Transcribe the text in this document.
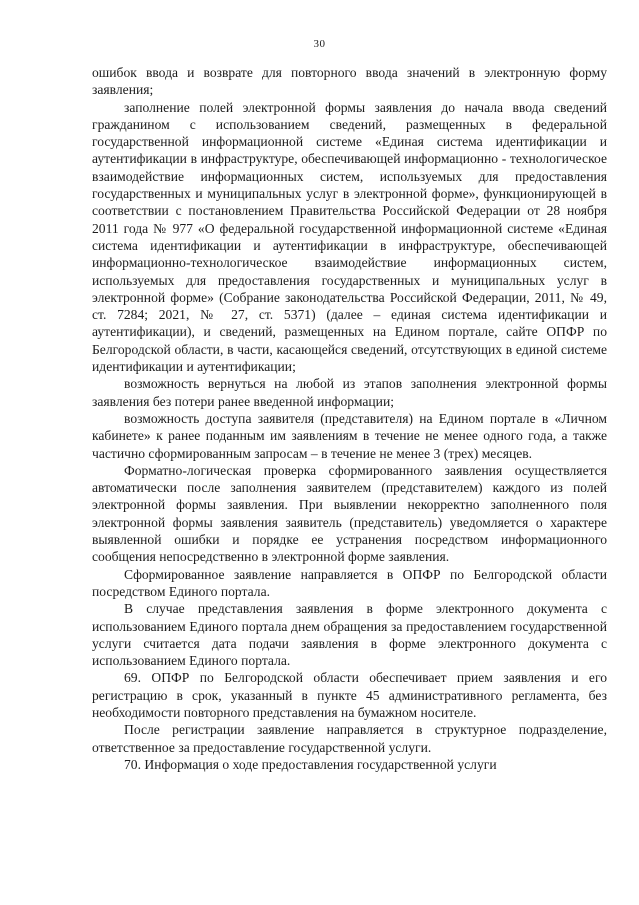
30

ошибок ввода и возврате для повторного ввода значений в электронную форму заявления;

заполнение полей электронной формы заявления до начала ввода сведений гражданином с использованием сведений, размещенных в федеральной государственной информационной системе «Единая система идентификации и аутентификации в инфраструктуре, обеспечивающей информационно - технологическое взаимодействие информационных систем, используемых для предоставления государственных и муниципальных услуг в электронной форме», функционирующей в соответствии с постановлением Правительства Российской Федерации от 28 ноября 2011 года № 977 «О федеральной государственной информационной системе «Единая система идентификации и аутентификации в инфраструктуре, обеспечивающей информационно-технологическое взаимодействие информационных систем, используемых для предоставления государственных и муниципальных услуг в электронной форме» (Собрание законодательства Российской Федерации, 2011, № 49, ст. 7284; 2021, № 27, ст. 5371) (далее – единая система идентификации и аутентификации), и сведений, размещенных на Едином портале, сайте ОПФР по Белгородской области, в части, касающейся сведений, отсутствующих в единой системе идентификации и аутентификации;

возможность вернуться на любой из этапов заполнения электронной формы заявления без потери ранее введенной информации;

возможность доступа заявителя (представителя) на Едином портале в «Личном кабинете» к ранее поданным им заявлениям в течение не менее одного года, а также частично сформированным запросам – в течение не менее 3 (трех) месяцев.

Форматно-логическая проверка сформированного заявления осуществляется автоматически после заполнения заявителем (представителем) каждого из полей электронной формы заявления. При выявлении некорректно заполненного поля электронной формы заявления заявитель (представитель) уведомляется о характере выявленной ошибки и порядке ее устранения посредством информационного сообщения непосредственно в электронной форме заявления.

Сформированное заявление направляется в ОПФР по Белгородской области посредством Единого портала.

В случае представления заявления в форме электронного документа с использованием Единого портала днем обращения за предоставлением государственной услуги считается дата подачи заявления в форме электронного документа с использованием Единого портала.

69. ОПФР по Белгородской области обеспечивает прием заявления и его регистрацию в срок, указанный в пункте 45 административного регламента, без необходимости повторного представления на бумажном носителе.

После регистрации заявление направляется в структурное подразделение, ответственное за предоставление государственной услуги.

70. Информация о ходе предоставления государственной услуги
